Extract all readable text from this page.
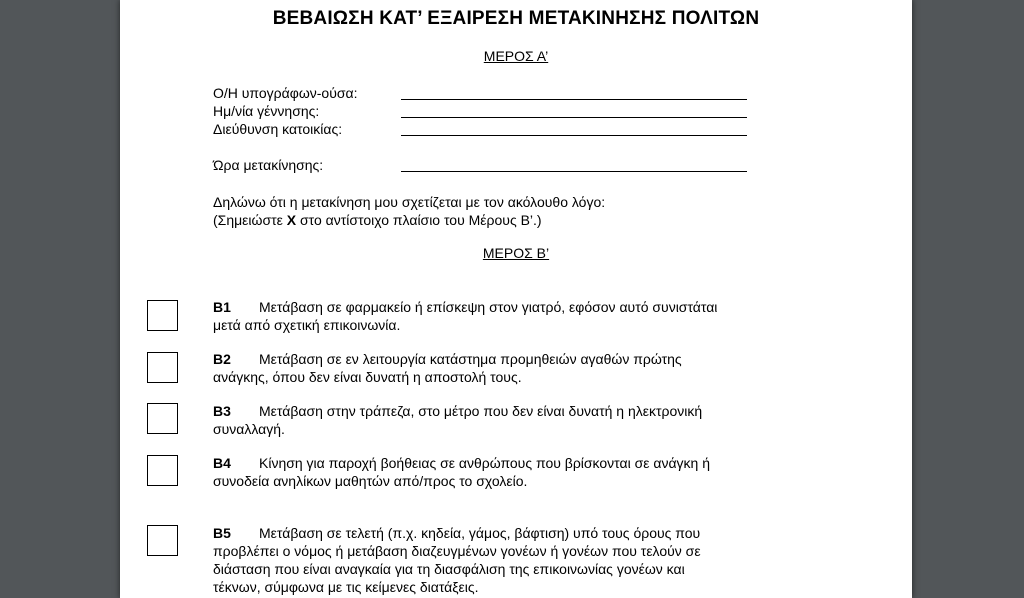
ΒΕΒΑΙΩΣΗ ΚΑΤ’ ΕΞΑΙΡΕΣΗ ΜΕΤΑΚΙΝΗΣΗΣ ΠΟΛΙΤΩΝ
ΜΕΡΟΣ Α’
Ο/Η υπογράφων-ούσα:
Ημ/νία γέννησης:
Διεύθυνση κατοικίας:
Ώρα μετακίνησης:
Δηλώνω ότι η μετακίνηση μου σχετίζεται με τον ακόλουθο λόγο:
(Σημειώστε Χ στο αντίστοιχο πλαίσιο του Μέρους Β’.)
ΜΕΡΟΣ Β’
Β1 Μετάβαση σε φαρμακείο ή επίσκεψη στον γιατρό, εφόσον αυτό συνιστάται
μετά από σχετική επικοινωνία.
Β2 Μετάβαση σε εν λειτουργία κατάστημα προμηθειών αγαθών πρώτης
ανάγκης, όπου δεν είναι δυνατή η αποστολή τους.
Β3 Μετάβαση στην τράπεζα, στο μέτρο που δεν είναι δυνατή η ηλεκτρονική
συναλλαγή.
Β4 Κίνηση για παροχή βοήθειας σε ανθρώπους που βρίσκονται σε ανάγκη ή
συνοδεία ανηλίκων μαθητών από/προς το σχολείο.
Β5 Μετάβαση σε τελετή (π.χ. κηδεία, γάμος, βάφτιση) υπό τους όρους που
προβλέπει ο νόμος ή μετάβαση διαζευγμένων γονέων ή γονέων που τελούν σε
διάσταση που είναι αναγκαία για τη διασφάλιση της επικοινωνίας γονέων και
τέκνων, σύμφωνα με τις κείμενες διατάξεις.
